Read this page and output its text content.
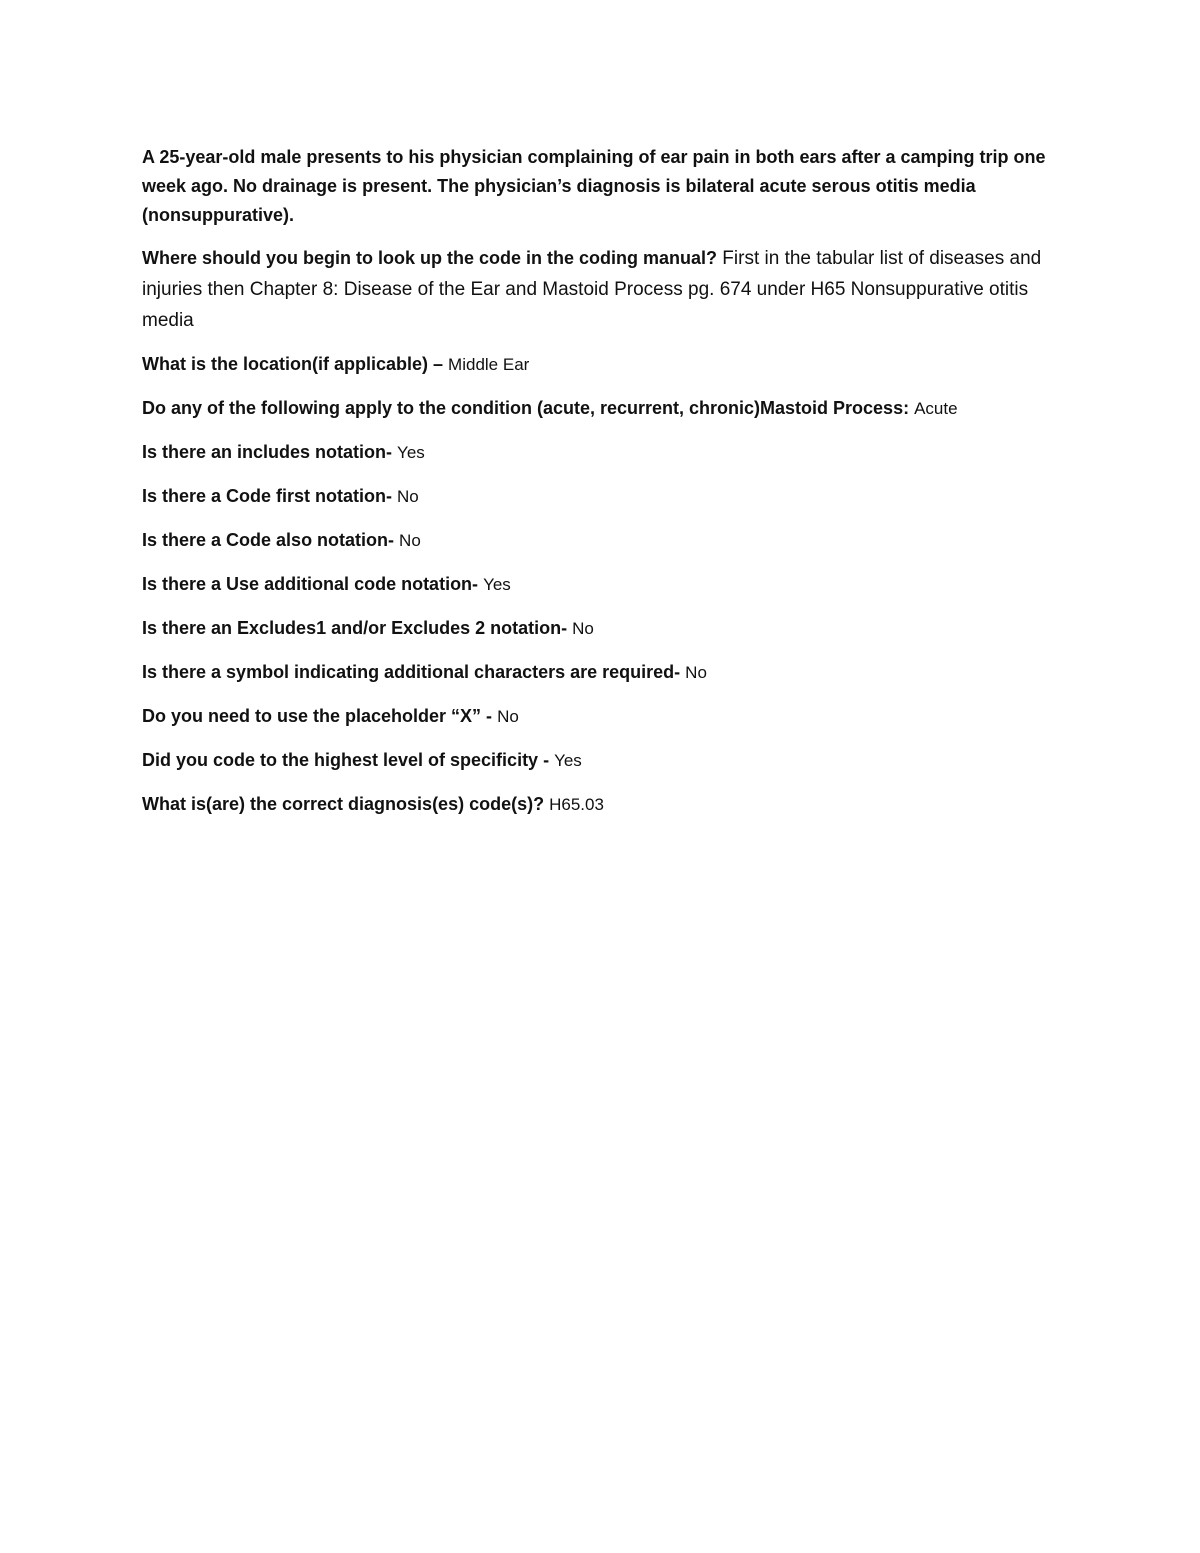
A 25-year-old male presents to his physician complaining of ear pain in both ears after a camping trip one week ago. No drainage is present. The physician’s diagnosis is bilateral acute serous otitis media (nonsuppurative).

Where should you begin to look up the code in the coding manual? First in the tabular list of diseases and injuries then Chapter 8: Disease of the Ear and Mastoid Process pg. 674 under H65 Nonsuppurative otitis media

What is the location(if applicable) – Middle Ear

Do any of the following apply to the condition (acute, recurrent, chronic)Mastoid Process: Acute

Is there an includes notation- Yes

Is there a Code first notation- No

Is there a Code also notation- No

Is there a Use additional code notation- Yes

Is there an Excludes1 and/or Excludes 2 notation- No

Is there a symbol indicating additional characters are required- No

Do you need to use the placeholder “X” - No

Did you code to the highest level of specificity - Yes

What is(are) the correct diagnosis(es) code(s)? H65.03
